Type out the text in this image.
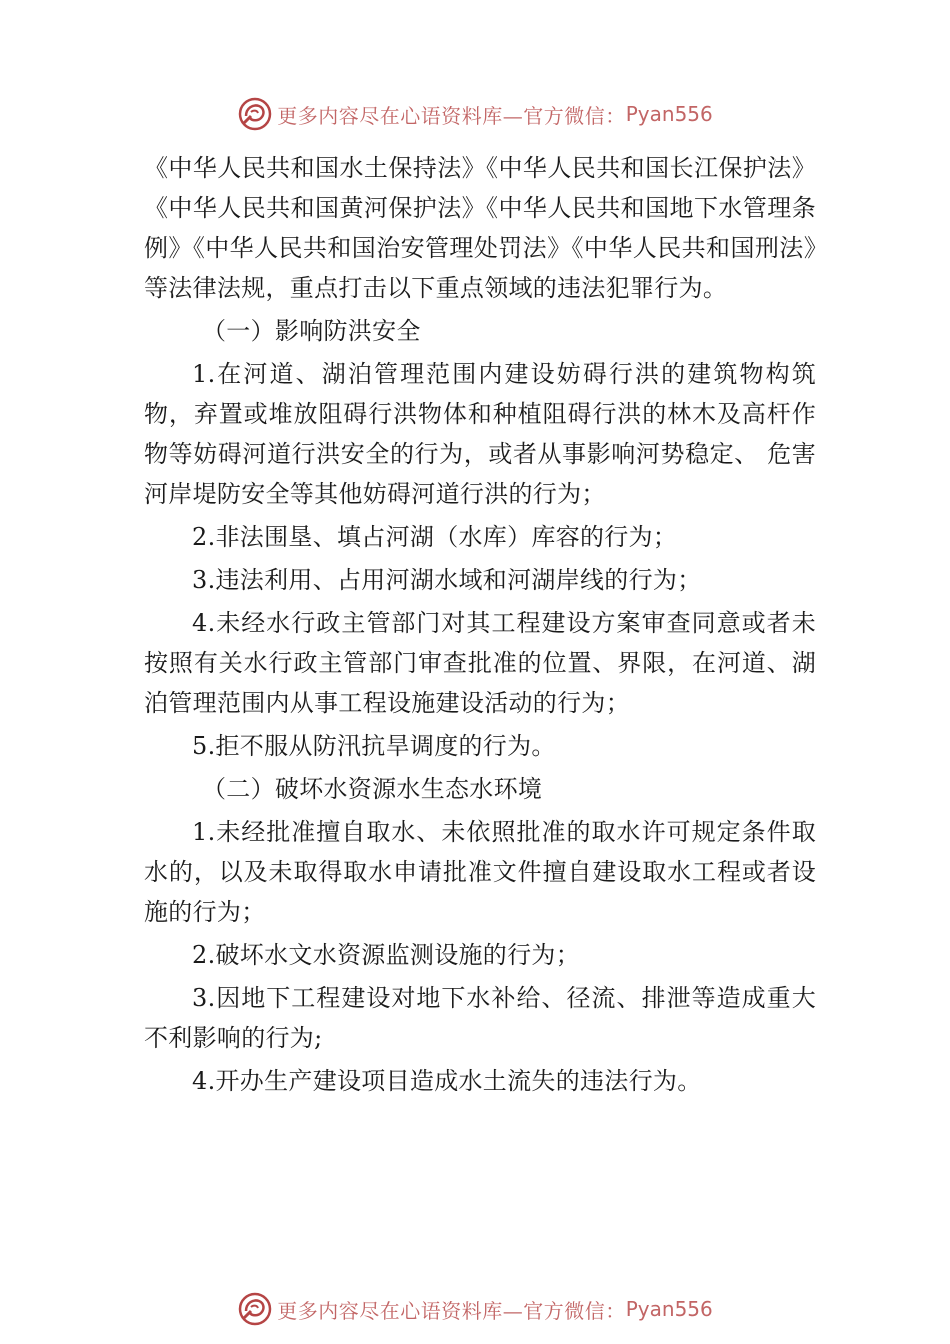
更多内容尽在心语资料库—官方微信： Pyan556

《中华人民共和国水土保持法》《中华人民共和国长江保护法》《中华人民共和国黄河保护法》《中华人民共和国地下水管理条例》《中华人民共和国治安管理处罚法》《中华人民共和国刑法》等法律法规，重点打击以下重点领域的违法犯罪行为。

（一）影响防洪安全

1.在河道、湖泊管理范围内建设妨碍行洪的建筑物构筑物，弃置或堆放阻碍行洪物体和种植阻碍行洪的林木及高杆作物等妨碍河道行洪安全的行为，或者从事影响河势稳定、 危害河岸堤防安全等其他妨碍河道行洪的行为；

2.非法围垦、填占河湖（水库）库容的行为；

3.违法利用、占用河湖水域和河湖岸线的行为；

4.未经水行政主管部门对其工程建设方案审查同意或者未按照有关水行政主管部门审查批准的位置、界限，在河道、湖泊管理范围内从事工程设施建设活动的行为；

5.拒不服从防汛抗旱调度的行为。

（二）破坏水资源水生态水环境

1.未经批准擅自取水、未依照批准的取水许可规定条件取水的，以及未取得取水申请批准文件擅自建设取水工程或者设施的行为；

2.破坏水文水资源监测设施的行为；

3.因地下工程建设对地下水补给、径流、排泄等造成重大不利影响的行为;

4.开办生产建设项目造成水土流失的违法行为。

更多内容尽在心语资料库—官方微信： Pyan556
